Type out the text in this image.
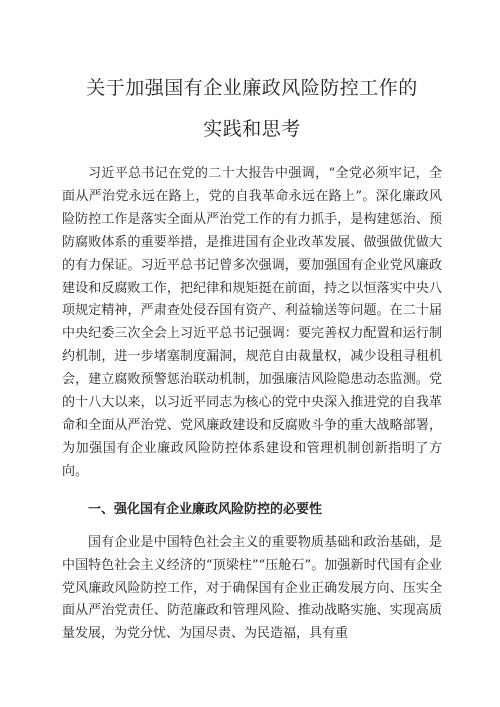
关于加强国有企业廉政风险防控工作的
实践和思考

习近平总书记在党的二十大报告中强调，“全党必须牢记，全面从严治党永远在路上，党的自我革命永远在路上”。深化廉政风险防控工作是落实全面从严治党工作的有力抓手，是构建惩治、预防腐败体系的重要举措，是推进国有企业改革发展、做强做优做大的有力保证。习近平总书记曾多次强调，要加强国有企业党风廉政建设和反腐败工作，把纪律和规矩挺在前面，持之以恒落实中央八项规定精神，严肃查处侵吞国有资产、利益输送等问题。在二十届中央纪委三次全会上习近平总书记强调：要完善权力配置和运行制约机制，进一步堵塞制度漏洞，规范自由裁量权，减少设租寻租机会，建立腐败预警惩治联动机制，加强廉洁风险隐患动态监测。党的十八大以来，以习近平同志为核心的党中央深入推进党的自我革命和全面从严治党、党风廉政建设和反腐败斗争的重大战略部署，为加强国有企业廉政风险防控体系建设和管理机制创新指明了方向。

一、强化国有企业廉政风险防控的必要性

国有企业是中国特色社会主义的重要物质基础和政治基础，是中国特色社会主义经济的“顶梁柱”“压舱石”。加强新时代国有企业党风廉政风险防控工作，对于确保国有企业正确发展方向、压实全面从严治党责任、防范廉政和管理风险、推动战略实施、实现高质量发展，为党分忧、为国尽责、为民造福，具有重
